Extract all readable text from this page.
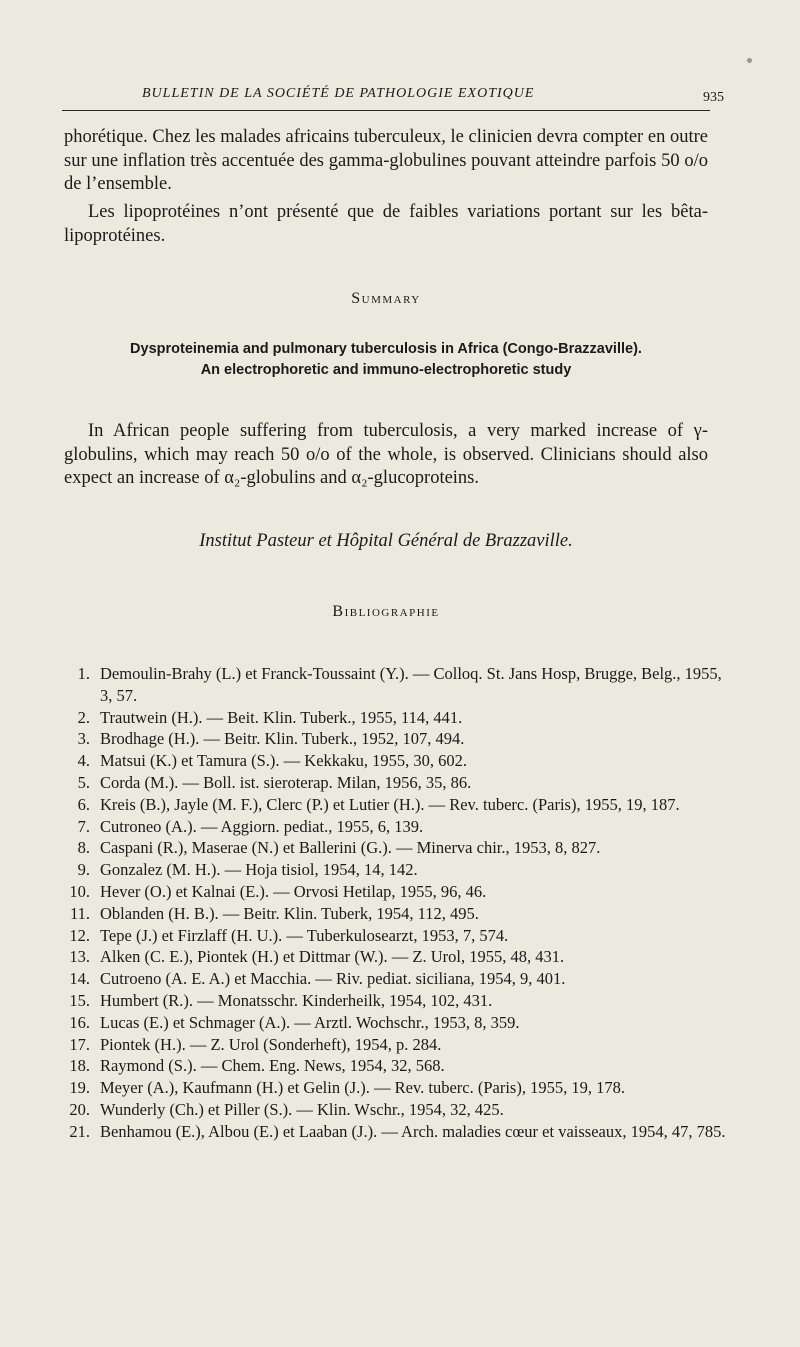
BULLETIN DE LA SOCIÉTÉ DE PATHOLOGIE EXOTIQUE	935

phorétique. Chez les malades africains tuberculeux, le clinicien devra compter en outre sur une inflation très accentuée des gamma-globulines pouvant atteindre parfois 50 o/o de l’ensemble.

Les lipoprotéines n’ont présenté que de faibles variations portant sur les bêta-lipoprotéines.

Summary

Dysproteinemia and pulmonary tuberculosis in Africa (Congo-Brazzaville).

An electrophoretic and immuno-electrophoretic study

In African people suffering from tuberculosis, a very marked increase of γ-globulins, which may reach 50 o/o of the whole, is observed. Clinicians should also expect an increase of α₂-globulins and α₂-glucoproteins.

Institut Pasteur et Hôpital Général de Brazzaville.

Bibliographie

1. Demoulin-Brahy (L.) et Franck-Toussaint (Y.). — Colloq. St. Jans Hosp, Brugge, Belg., 1955, 3, 57.

2. Trautwein (H.). — Beit. Klin. Tuberk., 1955, 114, 441.

3. Brodhage (H.). — Beitr. Klin. Tuberk., 1952, 107, 494.

4. Matsui (K.) et Tamura (S.). — Kekkaku, 1955, 30, 602.

5. Corda (M.). — Boll. ist. sieroterap. Milan, 1956, 35, 86.

6. Kreis (B.), Jayle (M. F.), Clerc (P.) et Lutier (H.). — Rev. tuberc. (Paris), 1955, 19, 187.

7. Cutroneo (A.). — Aggiorn. pediat., 1955, 6, 139.

8. Caspani (R.), Maserae (N.) et Ballerini (G.). — Minerva chir., 1953, 8, 827.

9. Gonzalez (M. H.). — Hoja tisiol, 1954, 14, 142.

10. Hever (O.) et Kalnai (E.). — Orvosi Hetilap, 1955, 96, 46.

11. Oblanden (H. B.). — Beitr. Klin. Tuberk, 1954, 112, 495.

12. Tepe (J.) et Firzlaff (H. U.). — Tuberkulosearzt, 1953, 7, 574.

13. Alken (C. E.), Piontek (H.) et Dittmar (W.). — Z. Urol, 1955, 48, 431.

14. Cutroeno (A. E. A.) et Macchia. — Riv. pediat. siciliana, 1954, 9, 401.

15. Humbert (R.). — Monatsschr. Kinderheilk, 1954, 102, 431.

16. Lucas (E.) et Schmager (A.). — Arztl. Wochschr., 1953, 8, 359.

17. Piontek (H.). — Z. Urol (Sonderheft), 1954, p. 284.

18. Raymond (S.). — Chem. Eng. News, 1954, 32, 568.

19. Meyer (A.), Kaufmann (H.) et Gelin (J.). — Rev. tuberc. (Paris), 1955, 19, 178.

20. Wunderly (Ch.) et Piller (S.). — Klin. Wschr., 1954, 32, 425.

21. Benhamou (E.), Albou (E.) et Laaban (J.). — Arch. maladies cœur et vaisseaux, 1954, 47, 785.
